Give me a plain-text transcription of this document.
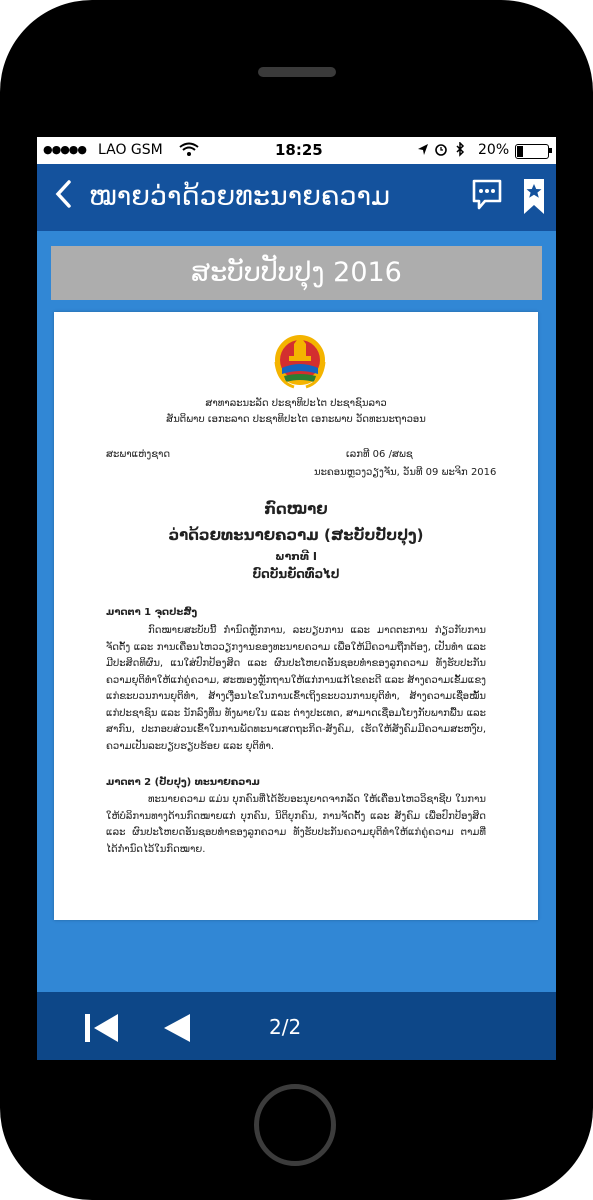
●●●●● LAO GSM	18:25	20%
ໝາຍວ່າດ້ວຍທະນາຍຄວາມ
ສະບັບປັບປຸງ 2016
ສາທາລະນະລັດ ປະຊາທິປະໄຕ ປະຊາຊົນລາວ
ສັນຕິພາບ ເອກະລາດ ປະຊາທິປະໄຕ ເອກະພາບ ວັດທະນະຖາວອນ
ສະພາແຫ່ງຊາດ	ເລກທີ 06 /ສພຊ
ນະຄອນຫຼວງວຽງຈັນ, ວັນທີ 09 ພະຈິກ 2016
ກົດໝາຍ
ວ່າດ້ວຍທະນາຍຄວາມ (ສະບັບປັບປຸງ)
ພາກທີ I
ບົດບັນຍັດທົ່ວໄປ
ມາດຕາ 1 ຈຸດປະສົງ
ກົດໝາຍສະບັບນີ້ ກຳນົດຫຼັກການ, ລະບຽບການ ແລະ ມາດຕະການ ກ່ຽວກັບການຈັດຕັ້ງ ແລະ ການເຄື່ອນໄຫວວຽກງານຂອງທະນາຍຄວາມ ເພື່ອໃຫ້ມີຄວາມຖືກຕ້ອງ, ເປັນທຳ ແລະ ມີປະສິດທິຜົນ, ແນໃສ່ປົກປ້ອງສິດ ແລະ ຜົນປະໂຫຍດອັນຊອບທຳຂອງລູກຄວາມ ທັງຮັບປະກັນຄວາມຍຸຕິທຳໃຫ້ແກ່ຄູ່ຄວາມ, ສະໜອງຫຼັກຖານໃຫ້ແກ່ການແກ້ໄຂຄະດີ ແລະ ສ້າງຄວາມເຂັ້ມແຂງແກ່ຂະບວນການຍຸຕິທຳ, ສ້າງເງື່ອນໄຂໃນການເຂົ້າເຖິງຂະບວນການຍຸຕິທຳ, ສ້າງຄວາມເຊື່ອໝັ້ນແກ່ປະຊາຊົນ ແລະ ນັກລົງທຶນ ທັງພາຍໃນ ແລະ ຕ່າງປະເທດ, ສາມາດເຊື່ອມໂຍງກັບພາກພື້ນ ແລະ ສາກົນ, ປະກອບສ່ວນເຂົ້າໃນການພັດທະນາເສດຖະກິດ-ສັງຄົມ, ເຮັດໃຫ້ສັງຄົມມີຄວາມສະຫງົບ, ຄວາມເປັນລະບຽບຮຽບຮ້ອຍ ແລະ ຍຸຕິທຳ.
ມາດຕາ 2 (ປັບປຸງ) ທະນາຍຄວາມ
ທະນາຍຄວາມ ແມ່ນ ບຸກຄົນທີ່ໄດ້ຮັບອະນຸຍາດຈາກລັດ ໃຫ້ເຄື່ອນໄຫວວິຊາຊີບ ໃນການໃຫ້ບໍລິການທາງດ້ານກົດໝາຍແກ່ ບຸກຄົນ, ນິຕິບຸກຄົນ, ການຈັດຕັ້ງ ແລະ ສັງຄົມ ເພື່ອປົກປ້ອງສິດ ແລະ ຜົນປະໂຫຍດອັນຊອບທຳຂອງລູກຄວາມ ທັງຮັບປະກັນຄວາມຍຸຕິທຳໃຫ້ແກ່ຄູ່ຄວາມ ຕາມທີ່ໄດ້ກຳນົດໄວ້ໃນກົດໝາຍ.
2/2
